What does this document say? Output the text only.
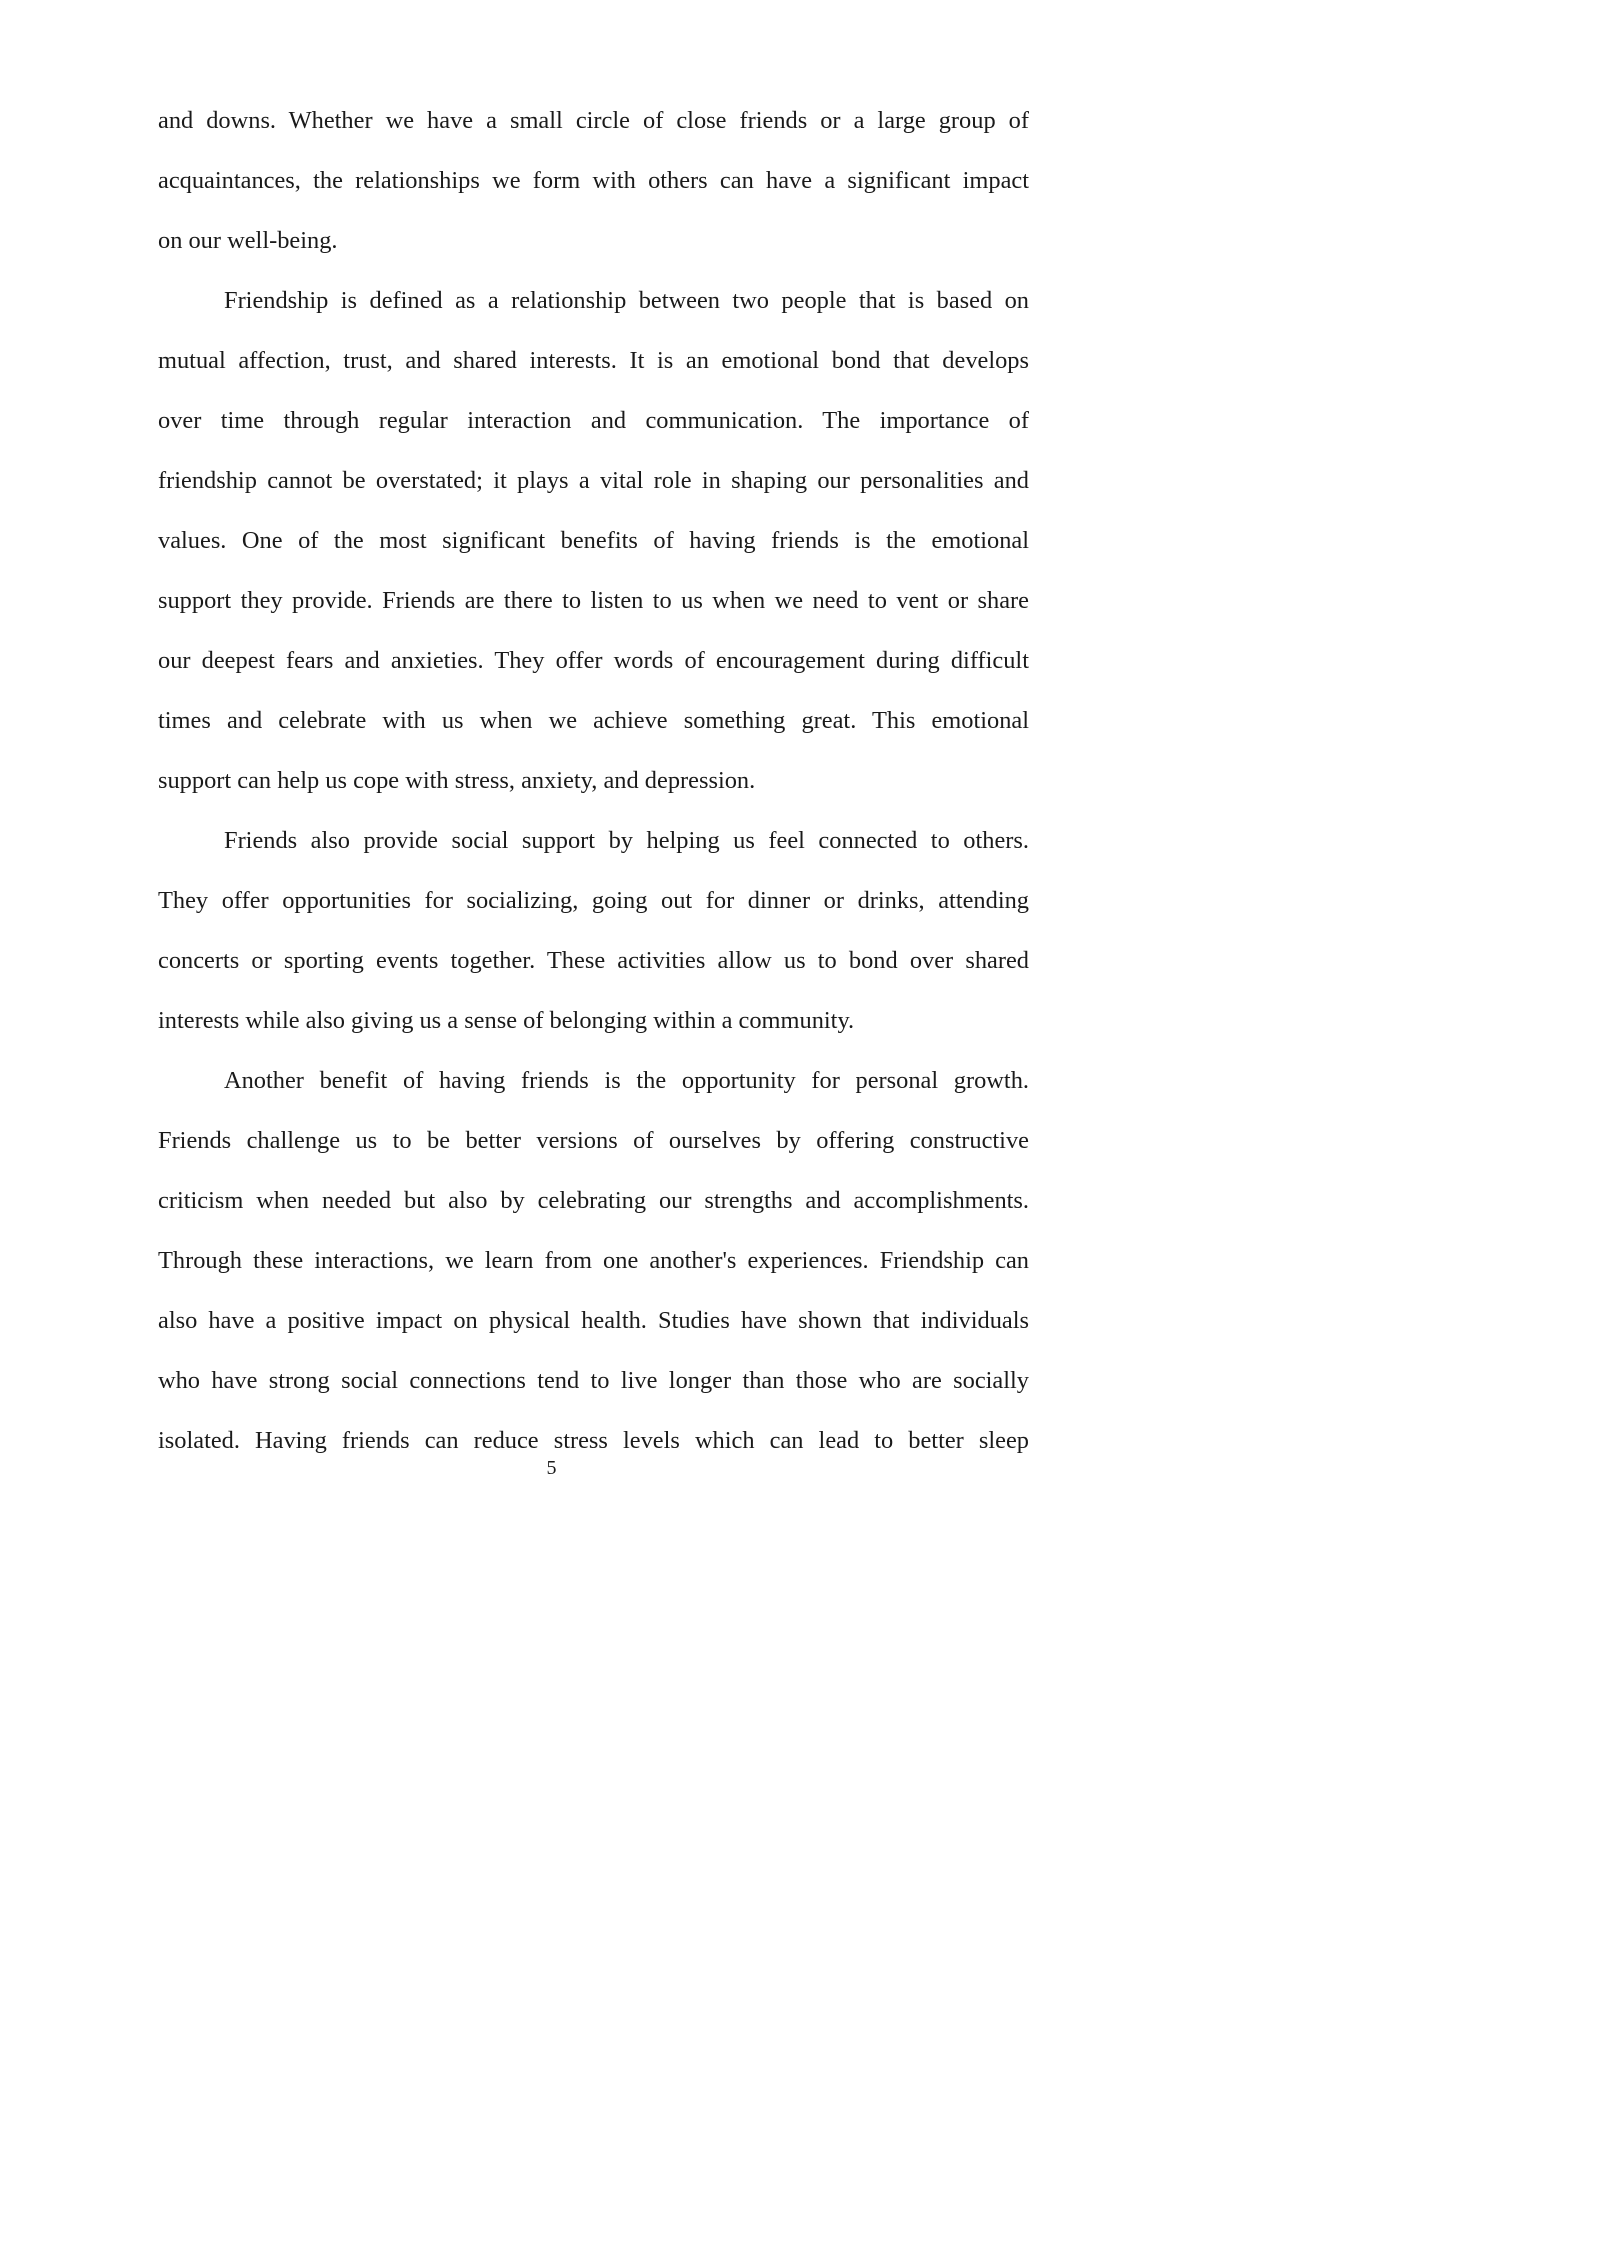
and downs. Whether we have a small circle of close friends or a large group of
acquaintances, the relationships we form with others can have a significant impact
on our well-being.
Friendship is defined as a relationship between two people that is based on
mutual affection, trust, and shared interests. It is an emotional bond that develops
over time through regular interaction and communication. The importance of
friendship cannot be overstated; it plays a vital role in shaping our personalities and
values. One of the most significant benefits of having friends is the emotional
support they provide. Friends are there to listen to us when we need to vent or share
our deepest fears and anxieties. They offer words of encouragement during difficult
times and celebrate with us when we achieve something great. This emotional
support can help us cope with stress, anxiety, and depression.
Friends also provide social support by helping us feel connected to others.
They offer opportunities for socializing, going out for dinner or drinks, attending
concerts or sporting events together. These activities allow us to bond over shared
interests while also giving us a sense of belonging within a community.
Another benefit of having friends is the opportunity for personal growth.
Friends challenge us to be better versions of ourselves by offering constructive
criticism when needed but also by celebrating our strengths and accomplishments.
Through these interactions, we learn from one another's experiences. Friendship can
also have a positive impact on physical health. Studies have shown that individuals
who have strong social connections tend to live longer than those who are socially
isolated. Having friends can reduce stress levels which can lead to better sleep
5
